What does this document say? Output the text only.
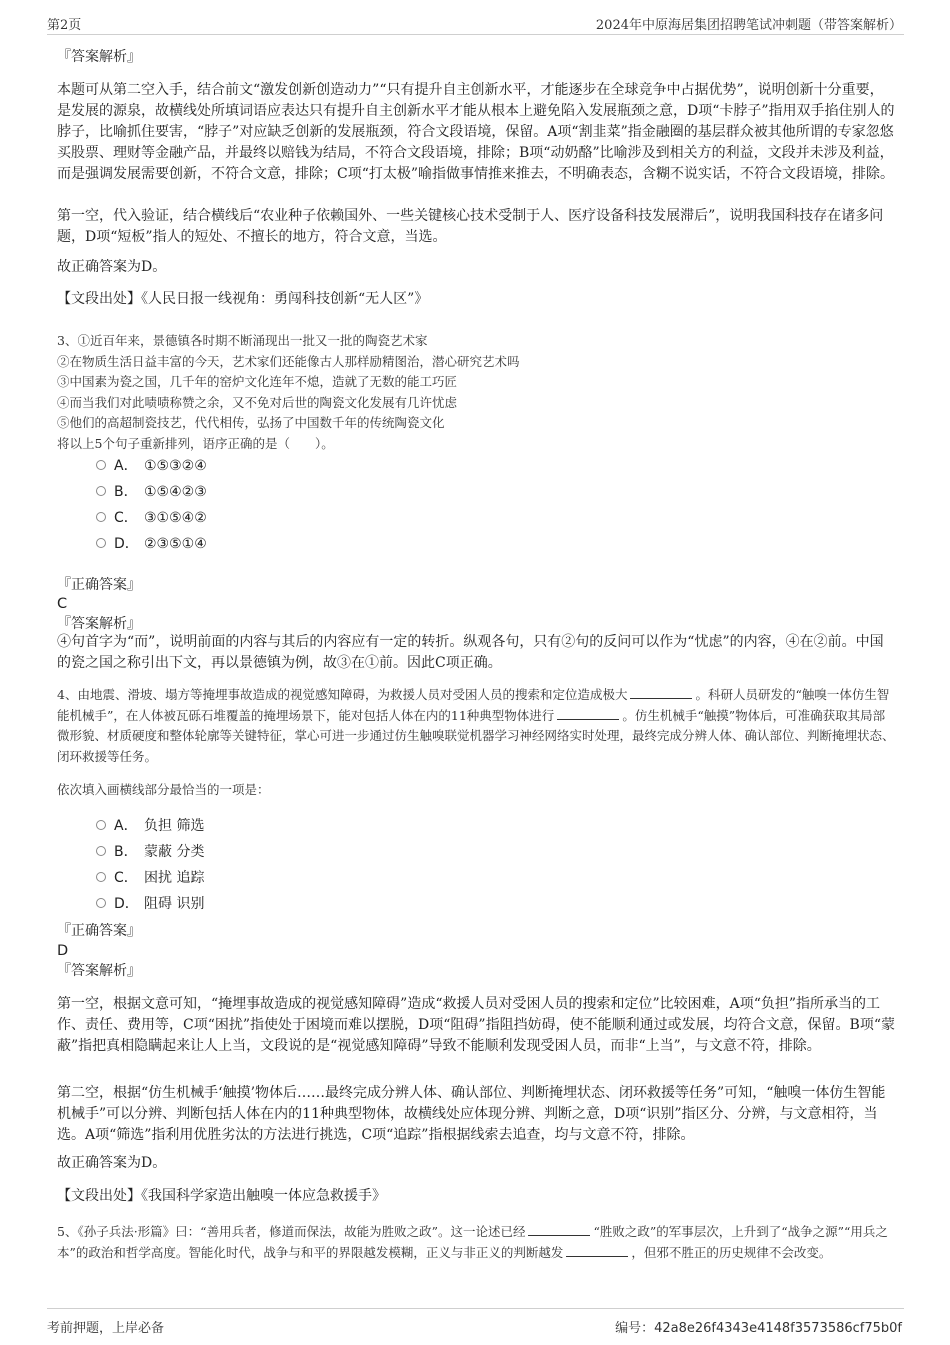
第2页	2024年中原海居集团招聘笔试冲刺题（带答案解析）
『答案解析』
本题可从第二空入手，结合前文“激发创新创造动力”“只有提升自主创新水平，才能逐步在全球竞争中占据优势”，说明创新十分重要，是发展的源泉，故横线处所填词语应表达只有提升自主创新水平才能从根本上避免陷入发展瓶颈之意，D项“卡脖子”指用双手掐住别人的脖子，比喻抓住要害，“脖子”对应缺乏创新的发展瓶颈，符合文段语境，保留。A项“割韭菜”指金融圈的基层群众被其他所谓的专家忽悠买股票、理财等金融产品，并最终以赔钱为结局，不符合文段语境，排除；B项“动奶酪”比喻涉及到相关方的利益，文段并未涉及利益，而是强调发展需要创新，不符合文意，排除；C项“打太极”喻指做事情推来推去，不明确表态，含糊不说实话，不符合文段语境，排除。
第一空，代入验证，结合横线后“农业种子依赖国外、一些关键核心技术受制于人、医疗设备科技发展滞后”，说明我国科技存在诸多问题，D项“短板”指人的短处、不擅长的地方，符合文意，当选。
故正确答案为D。
【文段出处】《人民日报一线视角：勇闯科技创新“无人区”》
3、①近百年来，景德镇各时期不断涌现出一批又一批的陶瓷艺术家
②在物质生活日益丰富的今天，艺术家们还能像古人那样励精图治，潜心研究艺术吗
③中国素为瓷之国，几千年的窑炉文化连年不熄，造就了无数的能工巧匠
④而当我们对此啧啧称赞之余，又不免对后世的陶瓷文化发展有几许忧虑
⑤他们的高超制瓷技艺，代代相传，弘扬了中国数千年的传统陶瓷文化
将以上5个句子重新排列，语序正确的是（　　）。
A． ①⑤③②④
B． ①⑤④②③
C． ③①⑤④②
D． ②③⑤①④
『正确答案』
C
『答案解析』
④句首字为“而”，说明前面的内容与其后的内容应有一定的转折。纵观各句，只有②句的反问可以作为“忧虑”的内容，④在②前。中国的瓷之国之称引出下文，再以景德镇为例，故③在①前。因此C项正确。
4、由地震、滑坡、塌方等掩埋事故造成的视觉感知障碍，为救援人员对受困人员的搜索和定位造成极大	。科研人员研发的“触嗅一体仿生智能机械手”，在人体被瓦砾石堆覆盖的掩埋场景下，能对包括人体在内的11种典型物体进行	。仿生机械手“触摸”物体后，可准确获取其局部微形貌、材质硬度和整体轮廓等关键特征，掌心可进一步通过仿生触嗅联觉机器学习神经网络实时处理，最终完成分辨人体、确认部位、判断掩埋状态、闭环救援等任务。
依次填入画横线部分最恰当的一项是：
A． 负担 筛选
B． 蒙蔽 分类
C． 困扰 追踪
D． 阻碍 识别
『正确答案』
D
『答案解析』
第一空，根据文意可知，“掩埋事故造成的视觉感知障碍”造成“救援人员对受困人员的搜索和定位”比较困难，A项“负担”指所承当的工作、责任、费用等，C项“困扰”指使处于困境而难以摆脱，D项“阻碍”指阻挡妨碍，使不能顺利通过或发展，均符合文意，保留。B项“蒙蔽”指把真相隐瞒起来让人上当，文段说的是“视觉感知障碍”导致不能顺利发现受困人员，而非“上当”，与文意不符，排除。
第二空，根据“仿生机械手‘触摸’物体后……最终完成分辨人体、确认部位、判断掩埋状态、闭环救援等任务”可知，“触嗅一体仿生智能机械手”可以分辨、判断包括人体在内的11种典型物体，故横线处应体现分辨、判断之意，D项“识别”指区分、分辨，与文意相符，当选。A项“筛选”指利用优胜劣汰的方法进行挑选，C项“追踪”指根据线索去追查，均与文意不符，排除。
故正确答案为D。
【文段出处】《我国科学家造出触嗅一体应急救援手》
5、《孙子兵法·形篇》曰：“善用兵者，修道而保法，故能为胜败之政”。这一论述已经	“胜败之政”的军事层次，上升到了“战争之源”“用兵之本”的政治和哲学高度。智能化时代，战争与和平的界限越发模糊，正义与非正义的判断越发	，但邪不胜正的历史规律不会改变。
考前押题，上岸必备	编号：42a8e26f4343e4148f3573586cf75b0f
